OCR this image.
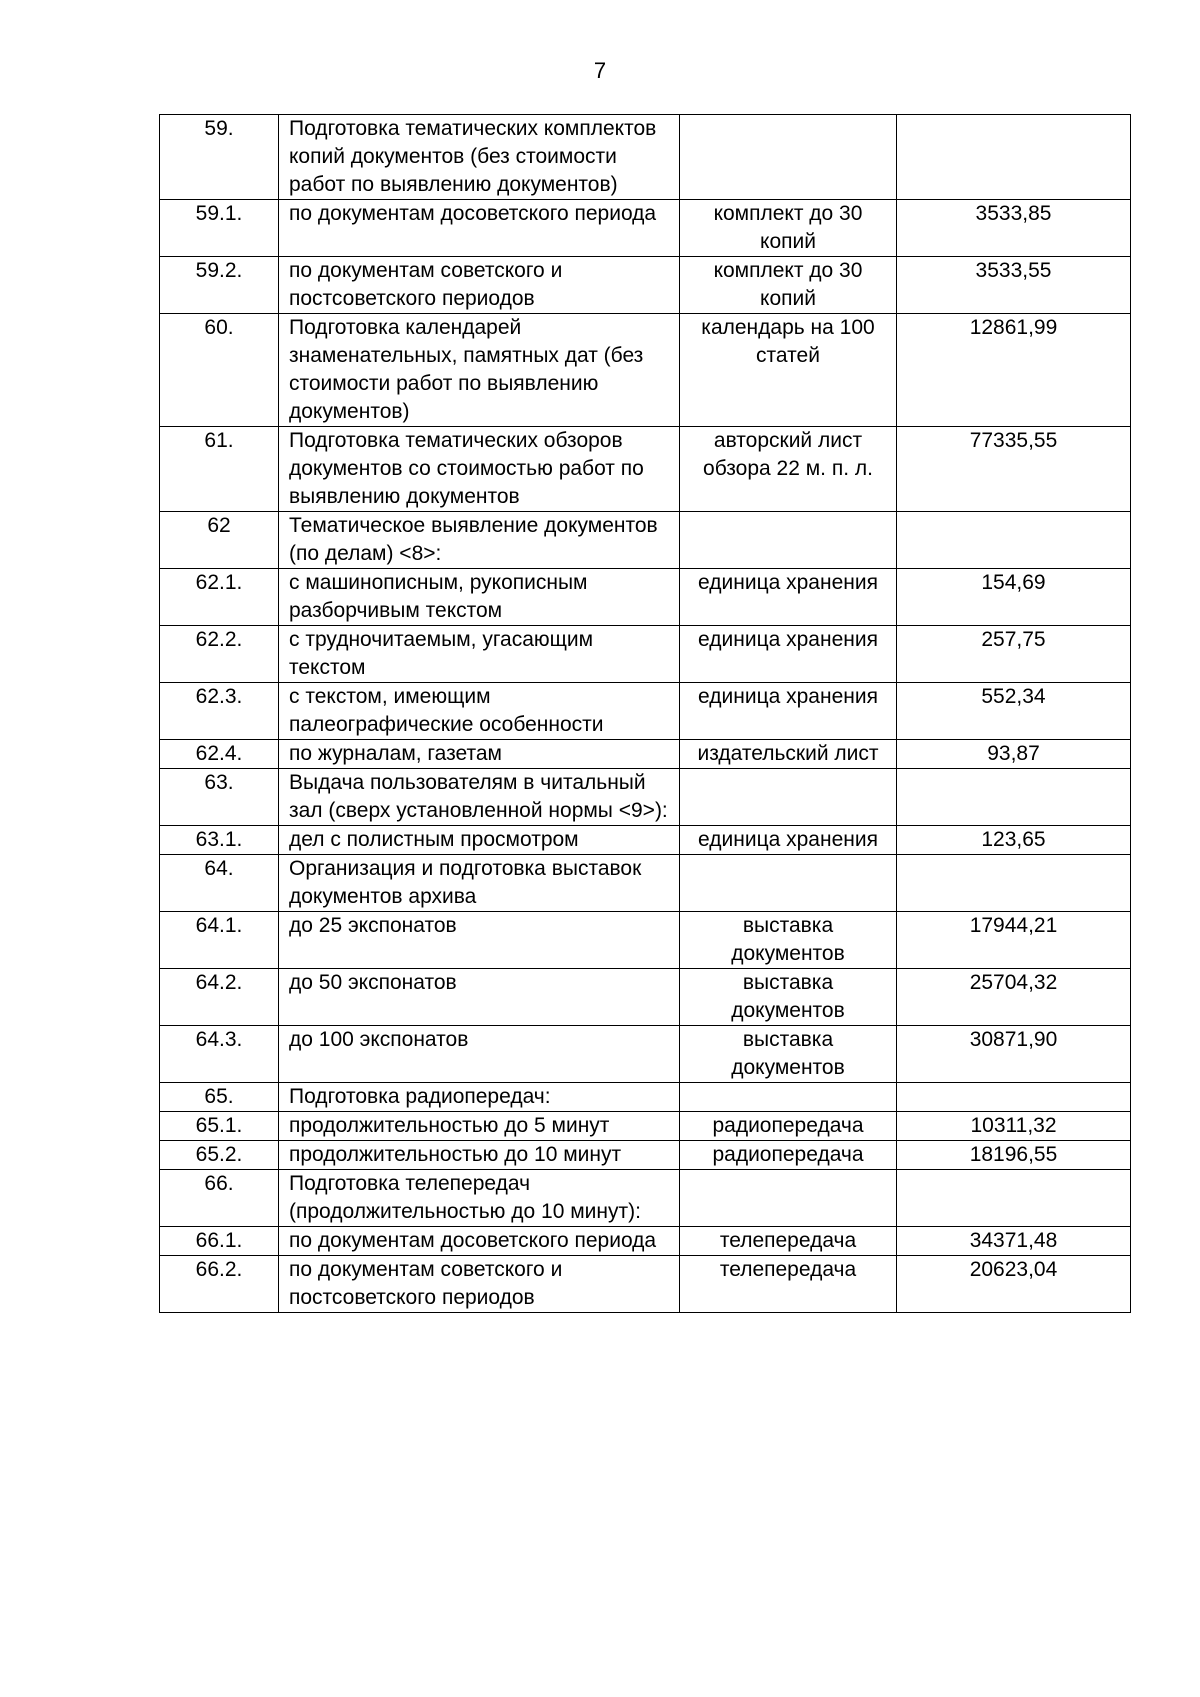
7
59.	Подготовка тематических комплектов копий документов (без стоимости работ по выявлению документов)		
59.1.	по документам досоветского периода	комплект до 30 копий	3533,85
59.2.	по документам советского и постсоветского периодов	комплект до 30 копий	3533,55
60.	Подготовка календарей знаменательных, памятных дат (без стоимости работ по выявлению документов)	календарь на 100 статей	12861,99
61.	Подготовка тематических обзоров документов со стоимостью работ по выявлению документов	авторский лист обзора 22 м. п. л.	77335,55
62	Тематическое выявление документов (по делам) <8>:		
62.1.	с машинописным, рукописным разборчивым текстом	единица хранения	154,69
62.2.	с трудночитаемым, угасающим текстом	единица хранения	257,75
62.3.	с текстом, имеющим палеографические особенности	единица хранения	552,34
62.4.	по журналам, газетам	издательский лист	93,87
63.	Выдача пользователям в читальный зал (сверх установленной нормы <9>):		
63.1.	дел с полистным просмотром	единица хранения	123,65
64.	Организация и подготовка выставок документов архива		
64.1.	до 25 экспонатов	выставка документов	17944,21
64.2.	до 50 экспонатов	выставка документов	25704,32
64.3.	до 100 экспонатов	выставка документов	30871,90
65.	Подготовка радиопередач:		
65.1.	продолжительностью до 5 минут	радиопередача	10311,32
65.2.	продолжительностью до 10 минут	радиопередача	18196,55
66.	Подготовка телепередач (продолжительностью до 10 минут):		
66.1.	по документам досоветского периода	телепередача	34371,48
66.2.	по документам советского и постсоветского периодов	телепередача	20623,04
